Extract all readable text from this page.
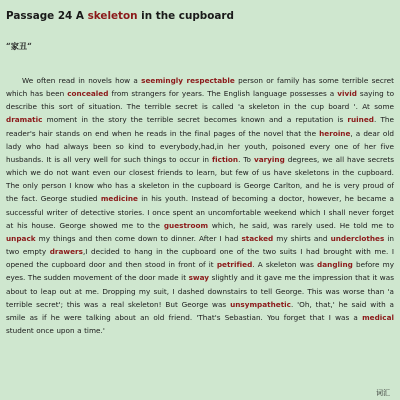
Passage 24 A skeleton in the cupboard
“家丑“

We often read in novels how a seemingly respectable person or family has some terrible secret which has been concealed from strangers for years. The English language possesses a vivid saying to describe this sort of situation. The terrible secret is called 'a skeleton in the cup board '. At some dramatic moment in the story the terrible secret becomes known and a reputation is ruined. The reader's hair stands on end when he reads in the final pages of the novel that the heroine, a dear old lady who had always been so kind to everybody,had,in her youth, poisoned every one of her five husbands. It is all very well for such things to occur in fiction. To varying degrees, we all have secrets which we do not want even our closest friends to learn, but few of us have skeletons in the cupboard. The only person I know who has a skeleton in the cupboard is George Carlton, and he is very proud of the fact. George studied medicine in his youth. Instead of becoming a doctor, however, he became a successful writer of detective stories. I once spent an uncomfortable weekend which I shall never forget at his house. George showed me to the guestroom which, he said, was rarely used. He told me to unpack my things and then come down to dinner. After I had stacked my shirts and underclothes in two empty drawers,I decided to hang in the cupboard one of the two suits I had brought with me. I opened the cupboard door and then stood in front of it petrified. A skeleton was dangling before my eyes. The sudden movement of the door made it sway slightly and it gave me the impression that it was about to leap out at me. Dropping my suit, I dashed downstairs to tell George. This was worse than 'a terrible secret'; this was a real skeleton! But George was unsympathetic. 'Oh, that,' he said with a smile as if he were talking about an old friend. 'That's Sebastian. You forget that I was a medical student once upon a time.'

词汇
